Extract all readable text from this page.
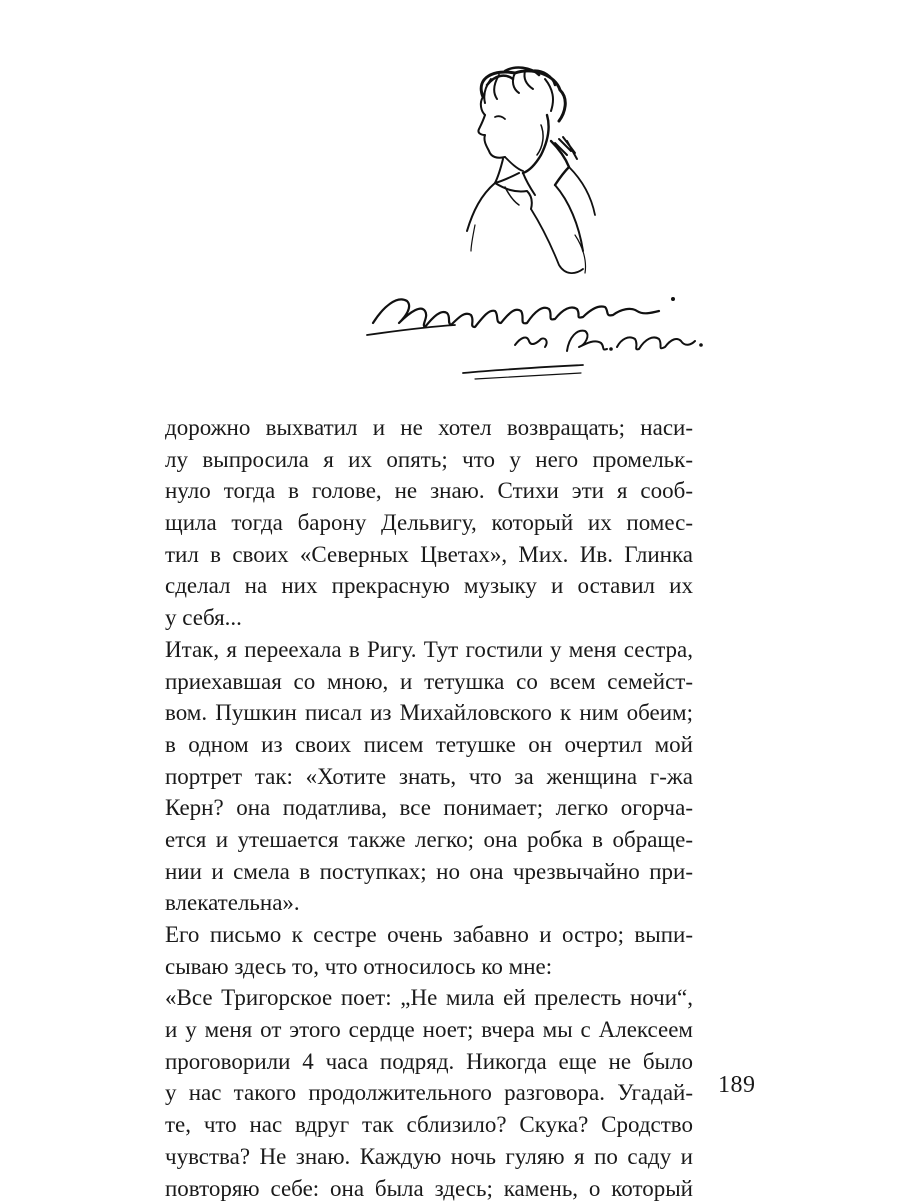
дорожно выхватил и не хотел возвращать; наси-
лу выпросила я их опять; что у него промельк-
нуло тогда в голове, не знаю. Стихи эти я сооб-
щила тогда барону Дельвигу, который их помес-
тил в своих «Северных Цветах», Мих. Ив. Глинка
сделал на них прекрасную музыку и оставил их
у себя...
Итак, я переехала в Ригу. Тут гостили у меня сестра,
приехавшая со мною, и тетушка со всем семейст-
вом. Пушкин писал из Михайловского к ним обеим;
в одном из своих писем тетушке он очертил мой
портрет так: «Хотите знать, что за женщина г-жа
Керн? она податлива, все понимает; легко огорча-
ется и утешается также легко; она робка в обраще-
нии и смела в поступках; но она чрезвычайно при-
влекательна».
Его письмо к сестре очень забавно и остро; выпи-
сываю здесь то, что относилось ко мне:
«Все Тригорское поет: „Не мила ей прелесть ночи“,
и у меня от этого сердце ноет; вчера мы с Алексеем
проговорили 4 часа подряд. Никогда еще не было
у нас такого продолжительного разговора. Угадай-
те, что нас вдруг так сблизило? Скука? Сродство
чувства? Не знаю. Каждую ночь гуляю я по саду и
повторяю себе: она была здесь; камень, о который
189
